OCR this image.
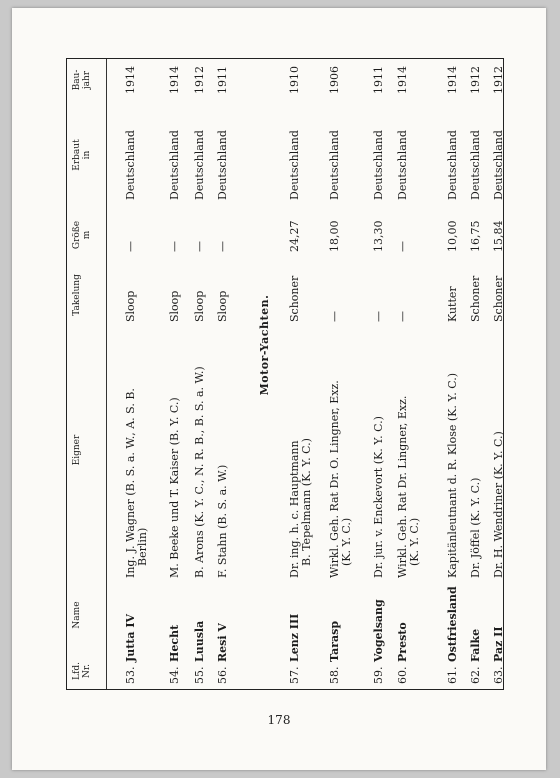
178
Lfd.
Nr.
Name
Eigner
Takelung
Größe
m
Erbaut
in
Bau-
jahr
53.
Jutta IV
Ing. J. Wagner (B. S. a. W., A. S. B.
Sloop
—
Deutschland
1914
Berlin)
54.
Hecht
M. Beeke und T. Kaiser (B. Y. C.)
Sloop
—
Deutschland
1914
55.
Luusla
B. Arons (K. Y. C., N. R. B., B. S. a. W.)
Sloop
—
Deutschland
1912
56.
Resi V
F. Stahn (B. S. a. W.)
Sloop
—
Deutschland
1911
57.
Lenz III
Dr. ing. h. c. Hauptmann
Schoner
24,27
Deutschland
1910
B. Tepelmann (K. Y. C.)
58.
Tarasp
Wirkl. Geh. Rat Dr. O. Lingner, Exz.
—
18,00
Deutschland
1906
(K. Y. C.)
59.
Vogelsang
Dr. jur. v. Enckevort (K. Y. C.)
—
13,30
Deutschland
1911
60.
Presto
Wirkl. Geh. Rat Dr. Lingner, Exz.
—
—
Deutschland
1914
(K. Y. C.)
61.
Ostfriesland
Kapitänleutnant d. R. Klose (K. Y. C.)
Kutter
10,00
Deutschland
1914
62.
Falke
Dr. Jöffel (K. Y. C.)
Schoner
16,75
Deutschland
1912
63.
Paz II
Dr. H. Wendriner (K. Y. C.)
Schoner
15,84
Deutschland
1912
Motor-Yachten.
